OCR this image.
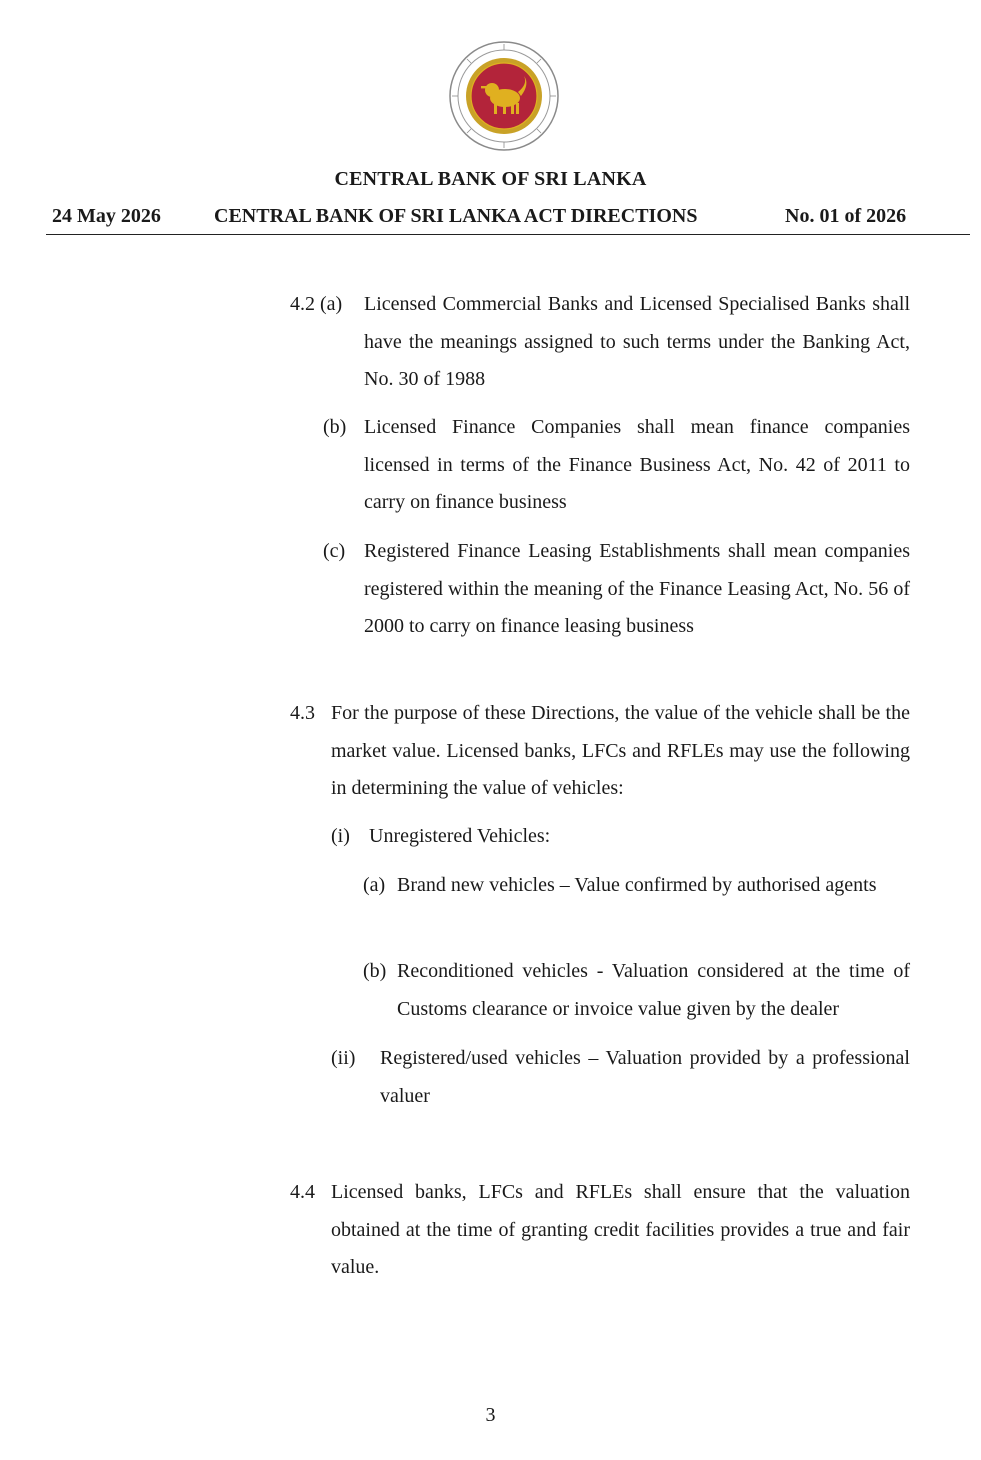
CENTRAL BANK OF SRI LANKA
24 May 2026	CENTRAL BANK OF SRI LANKA ACT DIRECTIONS	No. 01 of 2026
4.2 (a) Licensed Commercial Banks and Licensed Specialised Banks shall have the meanings assigned to such terms under the Banking Act, No. 30 of 1988
(b) Licensed Finance Companies shall mean finance companies licensed in terms of the Finance Business Act, No. 42 of 2011 to carry on finance business
(c) Registered Finance Leasing Establishments shall mean companies registered within the meaning of the Finance Leasing Act, No. 56 of 2000 to carry on finance leasing business
4.3 For the purpose of these Directions, the value of the vehicle shall be the market value. Licensed banks, LFCs and RFLEs may use the following in determining the value of vehicles:
(i) Unregistered Vehicles:
(a) Brand new vehicles – Value confirmed by authorised agents
(b) Reconditioned vehicles - Valuation considered at the time of Customs clearance or invoice value given by the dealer
(ii) Registered/used vehicles – Valuation provided by a professional valuer
4.4 Licensed banks, LFCs and RFLEs shall ensure that the valuation obtained at the time of granting credit facilities provides a true and fair value.
3
